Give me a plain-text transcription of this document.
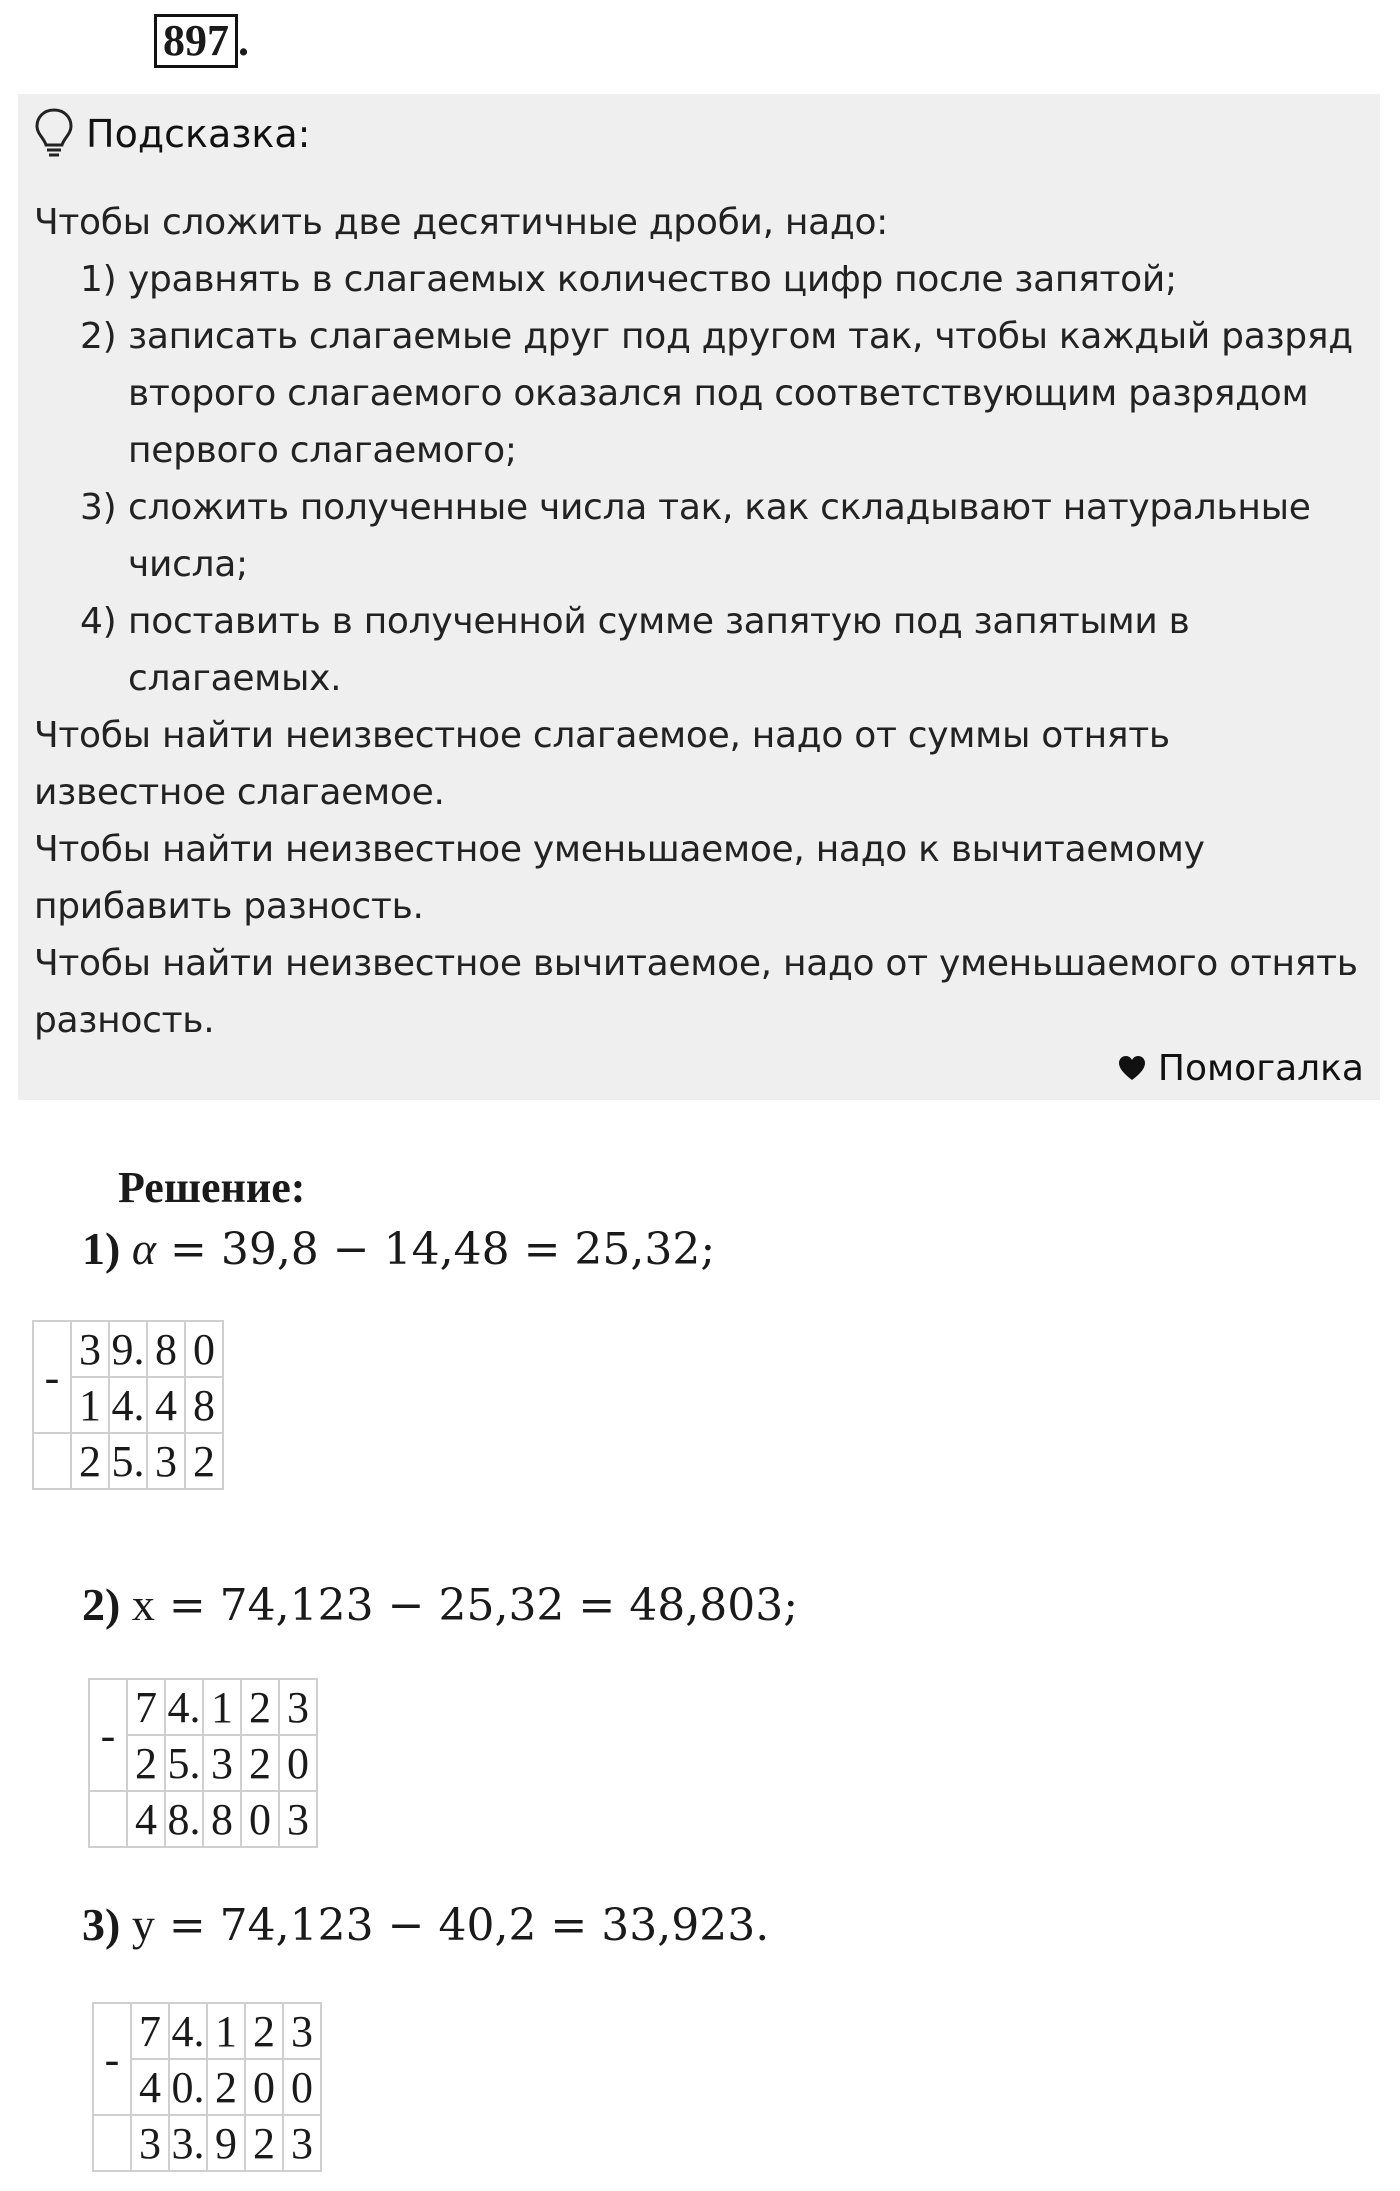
897 .
Подсказка:

Чтобы сложить две десятичные дроби, надо:

1) уравнять в слагаемых количество цифр после запятой;
2) записать слагаемые друг под другом так, чтобы каждый разряд второго слагаемого оказался под соответствующим разрядом первого слагаемого;
3) сложить полученные числа так, как складывают натуральные числа;
4) поставить в полученной сумме запятую под запятыми в слагаемых.

Чтобы найти неизвестное слагаемое, надо от суммы отнять известное слагаемое.

Чтобы найти неизвестное уменьшаемое, надо к вычитаемому прибавить разность.

Чтобы найти неизвестное вычитаемое, надо от уменьшаемого отнять разность.

Помогалка
Решение:
1) α = 39,8 − 14,48 = 25,32;
2) x = 74,123 − 25,32 = 48,803;
3) y = 74,123 − 40,2 = 33,923.
-	3	9.	8	0
	1	4.	4	8
	2	5.	3	2
-	7	4.	1	2	3
	2	5.	3	2	0
	4	8.	8	0	3
-	7	4.	1	2	3
	4	0.	2	0	0
	3	3.	9	2	3
